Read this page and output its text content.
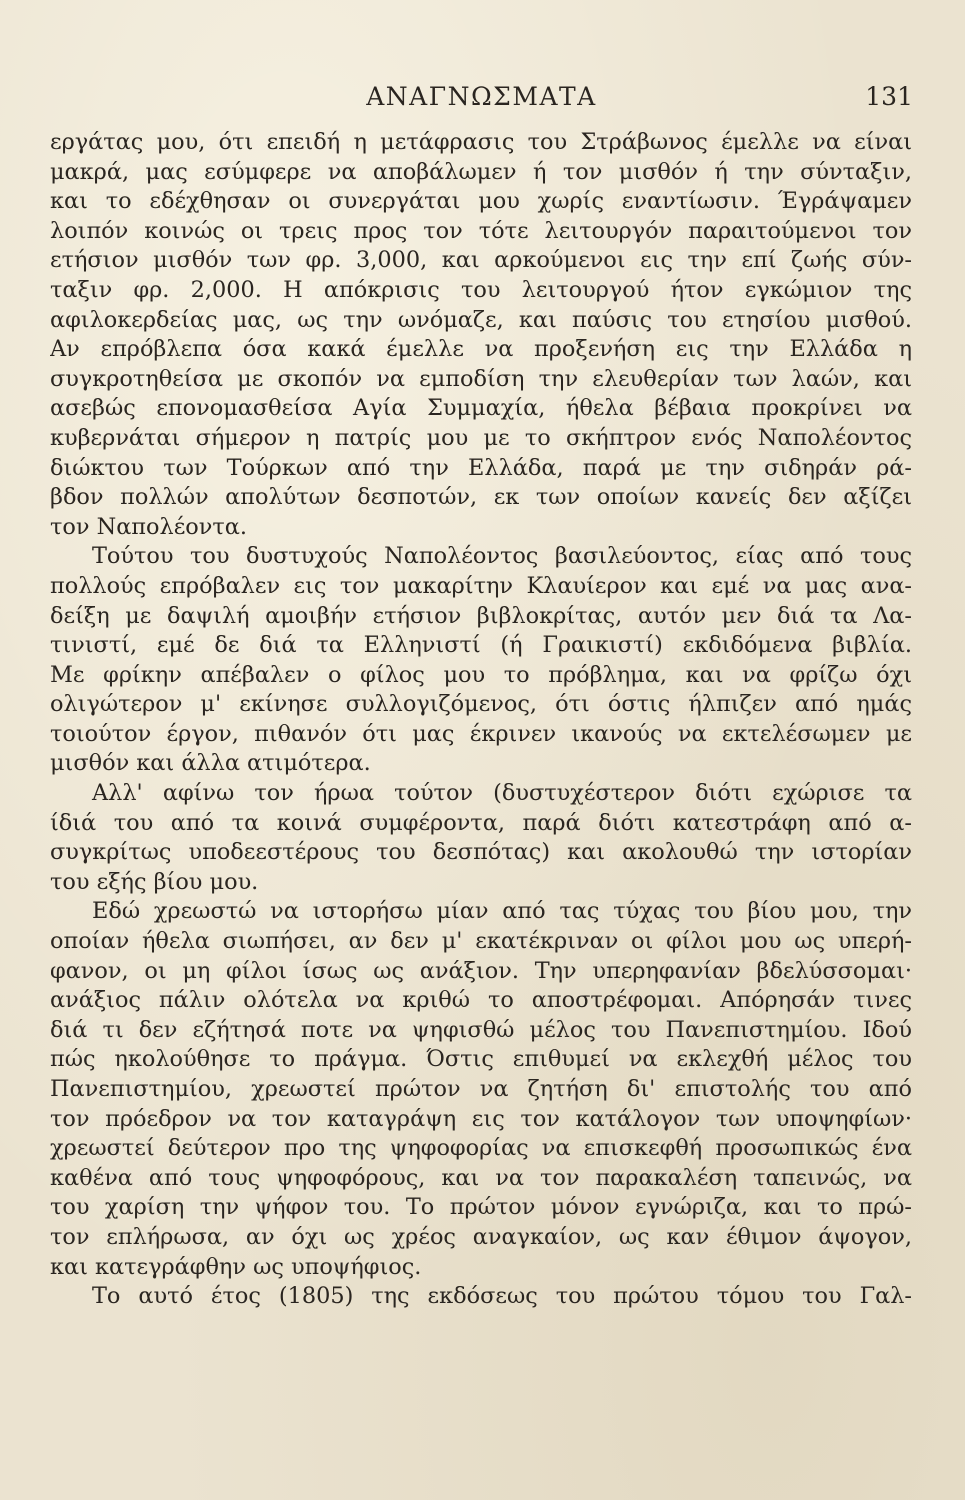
ΑΝΑΓΝΩΣΜΑΤΑ	131
εργάτας μου, ότι επειδή η μετάφρασις του Στράβωνος έμελλε να είναι
μακρά, μας εσύμφερε να αποβάλωμεν ή τον μισθόν ή την σύνταξιν,
και το εδέχθησαν οι συνεργάται μου χωρίς εναντίωσιν. Έγράψαμεν
λοιπόν κοινώς οι τρεις προς τον τότε λειτουργόν παραιτούμενοι τον
ετήσιον μισθόν των φρ. 3,000, και αρκούμενοι εις την επί ζωής σύν-
ταξιν φρ. 2,000. Η απόκρισις του λειτουργού ήτον εγκώμιον της
αφιλοκερδείας μας, ως την ωνόμαζε, και παύσις του ετησίου μισθού.
Αν επρόβλεπα όσα κακά έμελλε να προξενήση εις την Ελλάδα η
συγκροτηθείσα με σκοπόν να εμποδίση την ελευθερίαν των λαών, και
ασεβώς επονομασθείσα Αγία Συμμαχία, ήθελα βέβαια προκρίνει να
κυβερνάται σήμερον η πατρίς μου με το σκήπτρον ενός Ναπολέοντος
διώκτου των Τούρκων από την Ελλάδα, παρά με την σιδηράν ρά-
βδον πολλών απολύτων δεσποτών, εκ των οποίων κανείς δεν αξίζει
τον Ναπολέοντα.
Τούτου του δυστυχούς Ναπολέοντος βασιλεύοντος, είας από τους
πολλούς επρόβαλεν εις τον μακαρίτην Κλαυίερον και εμέ να μας ανα-
δείξη με δαψιλή αμοιβήν ετήσιον βιβλοκρίτας, αυτόν μεν διά τα Λα-
τινιστί, εμέ δε διά τα Ελληνιστί (ή Γραικιστί) εκδιδόμενα βιβλία.
Με φρίκην απέβαλεν ο φίλος μου το πρόβλημα, και να φρίζω όχι
ολιγώτερον μ' εκίνησε συλλογιζόμενος, ότι όστις ήλπιζεν από ημάς
τοιούτον έργον, πιθανόν ότι μας έκρινεν ικανούς να εκτελέσωμεν με
μισθόν και άλλα ατιμότερα.
Αλλ' αφίνω τον ήρωα τούτον (δυστυχέστερον διότι εχώρισε τα
ίδιά του από τα κοινά συμφέροντα, παρά διότι κατεστράφη από α-
συγκρίτως υποδεεστέρους του δεσπότας) και ακολουθώ την ιστορίαν
του εξής βίου μου.
Εδώ χρεωστώ να ιστορήσω μίαν από τας τύχας του βίου μου, την
οποίαν ήθελα σιωπήσει, αν δεν μ' εκατέκριναν οι φίλοι μου ως υπερή-
φανον, οι μη φίλοι ίσως ως ανάξιον. Την υπερηφανίαν βδελύσσομαι·
ανάξιος πάλιν ολότελα να κριθώ το αποστρέφομαι. Απόρησάν τινες
διά τι δεν εζήτησά ποτε να ψηφισθώ μέλος του Πανεπιστημίου. Ιδού
πώς ηκολούθησε το πράγμα. Όστις επιθυμεί να εκλεχθή μέλος του
Πανεπιστημίου, χρεωστεί πρώτον να ζητήση δι' επιστολής του από
τον πρόεδρον να τον καταγράψη εις τον κατάλογον των υποψηφίων·
χρεωστεί δεύτερον προ της ψηφοφορίας να επισκεφθή προσωπικώς ένα
καθένα από τους ψηφοφόρους, και να τον παρακαλέση ταπεινώς, να
του χαρίση την ψήφον του. Το πρώτον μόνον εγνώριζα, και το πρώ-
τον επλήρωσα, αν όχι ως χρέος αναγκαίον, ως καν έθιμον άψογον,
και κατεγράφθην ως υποψήφιος.
Το αυτό έτος (1805) της εκδόσεως του πρώτου τόμου του Γαλ-
